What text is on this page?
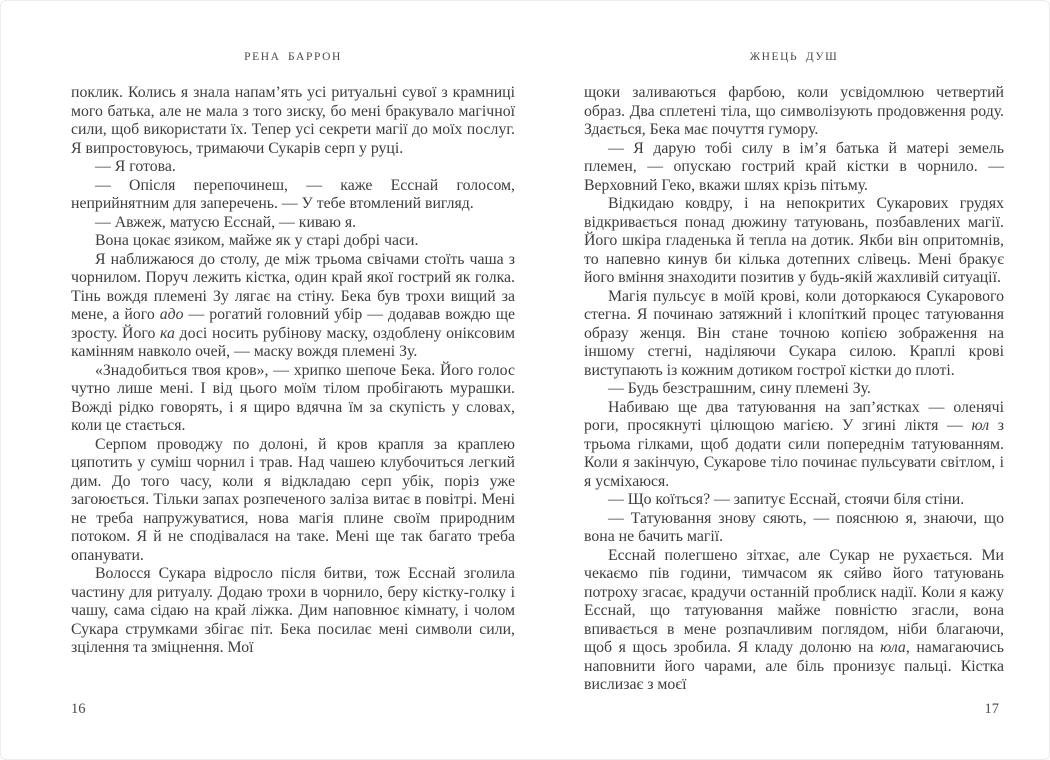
РЕНА БАРРОН

поклик. Колись я знала напам’ять усі ритуальні сувої з крамниці мого батька, але не мала з того зиску, бо мені бракувало магічної сили, щоб використати їх. Тепер усі секрети магії до моїх послуг. Я випростовуюсь, тримаючи Сукарів серп у руці.

— Я готова.

— Опісля перепочинеш, — каже Есснай голосом, неприйнятним для заперечень. — У тебе втомлений вигляд.

— Авжеж, матусю Есснай, — киваю я.

Вона цокає язиком, майже як у старі добрі часи.

Я наближаюся до столу, де між трьома свічами стоїть чаша з чорнилом. Поруч лежить кістка, один край якої гострий як голка. Тінь вождя племені Зу лягає на стіну. Бека був трохи вищий за мене, а його адо — рогатий головний убір — додавав вождю ще зросту. Його ка досі носить рубінову маску, оздоблену оніксовим камінням навколо очей, — маску вождя племені Зу.

«Знадобиться твоя кров», — хрипко шепоче Бека. Його голос чутно лише мені. І від цього моїм тілом пробігають мурашки. Вожді рідко говорять, і я щиро вдячна їм за скупість у словах, коли це стається.

Серпом проводжу по долоні, й кров крапля за краплею цяпотить у суміш чорнил і трав. Над чашею клубочиться легкий дим. До того часу, коли я відкладаю серп убік, поріз уже загоюється. Тільки запах розпеченого заліза витає в повітрі. Мені не треба напружуватися, нова магія плине своїм природним потоком. Я й не сподівалася на таке. Мені ще так багато треба опанувати.

Волосся Сукара відросло після битви, тож Есснай зголила частину для ритуалу. Додаю трохи в чорнило, беру кістку-голку і чашу, сама сідаю на край ліжка. Дим наповнює кімнату, і чолом Сукара струмками збігає піт. Бека посилає мені символи сили, зцілення та зміцнення. Мої

ЖНЕЦЬ ДУШ

щоки заливаються фарбою, коли усвідомлюю четвертий образ. Два сплетені тіла, що символізують продовження роду. Здається, Бека має почуття гумору.

— Я дарую тобі силу в ім’я батька й матері земель племен, — опускаю гострий край кістки в чорнило. — Верховний Геко, вкажи шлях крізь пітьму.

Відкидаю ковдру, і на непокритих Сукарових грудях відкривається понад дюжину татуювань, позбавлених магії. Його шкіра гладенька й тепла на дотик. Якби він опритомнів, то напевно кинув би кілька дотепних слівець. Мені бракує його вміння знаходити позитив у будь-якій жахливій ситуації.

Магія пульсує в моїй крові, коли доторкаюся Сукарового стегна. Я починаю затяжний і клопіткий процес татуювання образу женця. Він стане точною копією зображення на іншому стегні, наділяючи Сукара силою. Краплі крові виступають із кожним дотиком гострої кістки до плоті.

— Будь безстрашним, сину племені Зу.

Набиваю ще два татуювання на зап’ястках — оленячі роги, просякнуті цілющою магією. У згині ліктя — юл з трьома гілками, щоб додати сили попереднім татуюванням. Коли я закінчую, Сукарове тіло починає пульсувати світлом, і я усміхаюся.

— Що коїться? — запитує Есснай, стоячи біля стіни.

— Татуювання знову сяють, — пояснюю я, знаючи, що вона не бачить магії.

Есснай полегшено зітхає, але Сукар не рухається. Ми чекаємо пів години, тимчасом як сяйво його татуювань потроху згасає, крадучи останній проблиск надії. Коли я кажу Есснай, що татуювання майже повністю згасли, вона впивається в мене розпачливим поглядом, ніби благаючи, щоб я щось зробила. Я кладу долоню на юла, намагаючись наповнити його чарами, але біль пронизує пальці. Кістка вислизає з моєї

16	17
